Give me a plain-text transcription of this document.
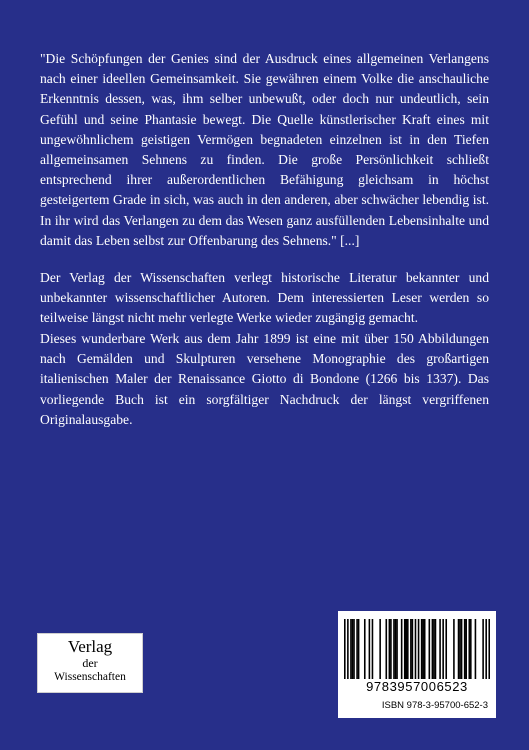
"Die Schöpfungen der Genies sind der Ausdruck eines allgemeinen Verlangens nach einer ideellen Gemeinsamkeit. Sie gewähren einem Volke die anschauliche Erkenntnis dessen, was, ihm selber unbewußt, oder doch nur undeutlich, sein Gefühl und seine Phantasie bewegt. Die Quelle künstlerischer Kraft eines mit ungewöhnlichem geistigen Vermögen begnadeten einzelnen ist in den Tiefen allgemeinsamen Sehnens zu finden. Die große Persönlichkeit schließt entsprechend ihrer außerordentlichen Befähigung gleichsam in höchst gesteigertem Grade in sich, was auch in den anderen, aber schwächer lebendig ist. In ihr wird das Verlangen zu dem das Wesen ganz ausfüllenden Lebensinhalte und damit das Leben selbst zur Offenbarung des Sehnens." [...]

Der Verlag der Wissenschaften verlegt historische Literatur bekannter und unbekannter wissenschaftlicher Autoren. Dem interessierten Leser werden so teilweise längst nicht mehr verlegte Werke wieder zugängig gemacht.

Dieses wunderbare Werk aus dem Jahr 1899 ist eine mit über 150 Abbildungen nach Gemälden und Skulpturen versehene Monographie des großartigen italienischen Maler der Renaissance Giotto di Bondone (1266 bis 1337). Das vorliegende Buch ist ein sorgfältiger Nachdruck der längst vergriffenen Originalausgabe.

Verlag
der
Wissenschaften
9783957006523
ISBN 978-3-95700-652-3
